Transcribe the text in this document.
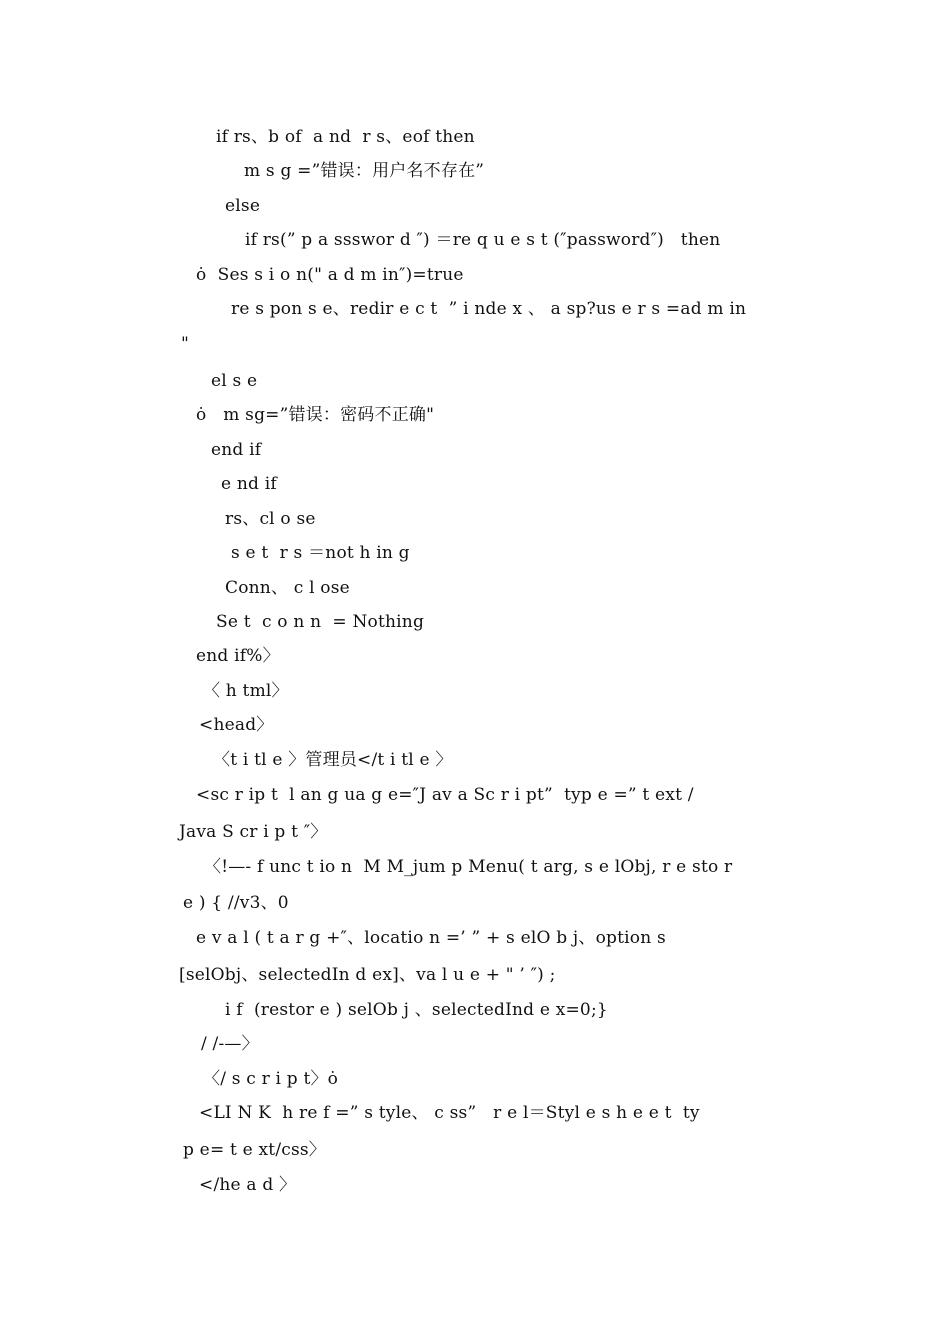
if rs、b of  a nd  r s、eof then
m s g =”错误：用户名不存在”
else
if rs(” p a ssswor d ″) ＝re q u e s t (″password″)   then
ȯ  Ses s i o n(" a d m in″)=true
re s pon s e、redir e c t  ” i nde x 、 a sp?us e r s =ad m in
"
el s e
ȯ   m sg=”错误：密码不正确"
end if
e nd if
rs、cl o se
s e t  r s ＝not h in g
Conn、 c l ose
Se t  c o n n  = Nothing
end if%〉
〈 h tml〉
<head〉
〈t i tl e 〉管理员</t i tl e 〉
<sc r ip t  l an g ua g e=″J av a Sc r i pt”  typ e =” t ext /
Java S cr i p t ″〉
〈!—- f unc t io n  M M_jum p Menu( t arg, s e lObj, r e sto r
e ) { //v3、0
e v a l ( t a r g +″、locatio n =’ ” + s elO b j、option s
[selObj、selectedIn d ex]、va l u e + " ’ ″) ;
i f  (restor e ) selOb j 、selectedInd e x=0;}
/ /-—〉
〈/ s c r i p t〉ȯ
<LI N K  h re f =” s tyle、 c ss”   r e l＝Styl e s h e e t  ty
p e= t e xt/css〉
</he a d 〉
